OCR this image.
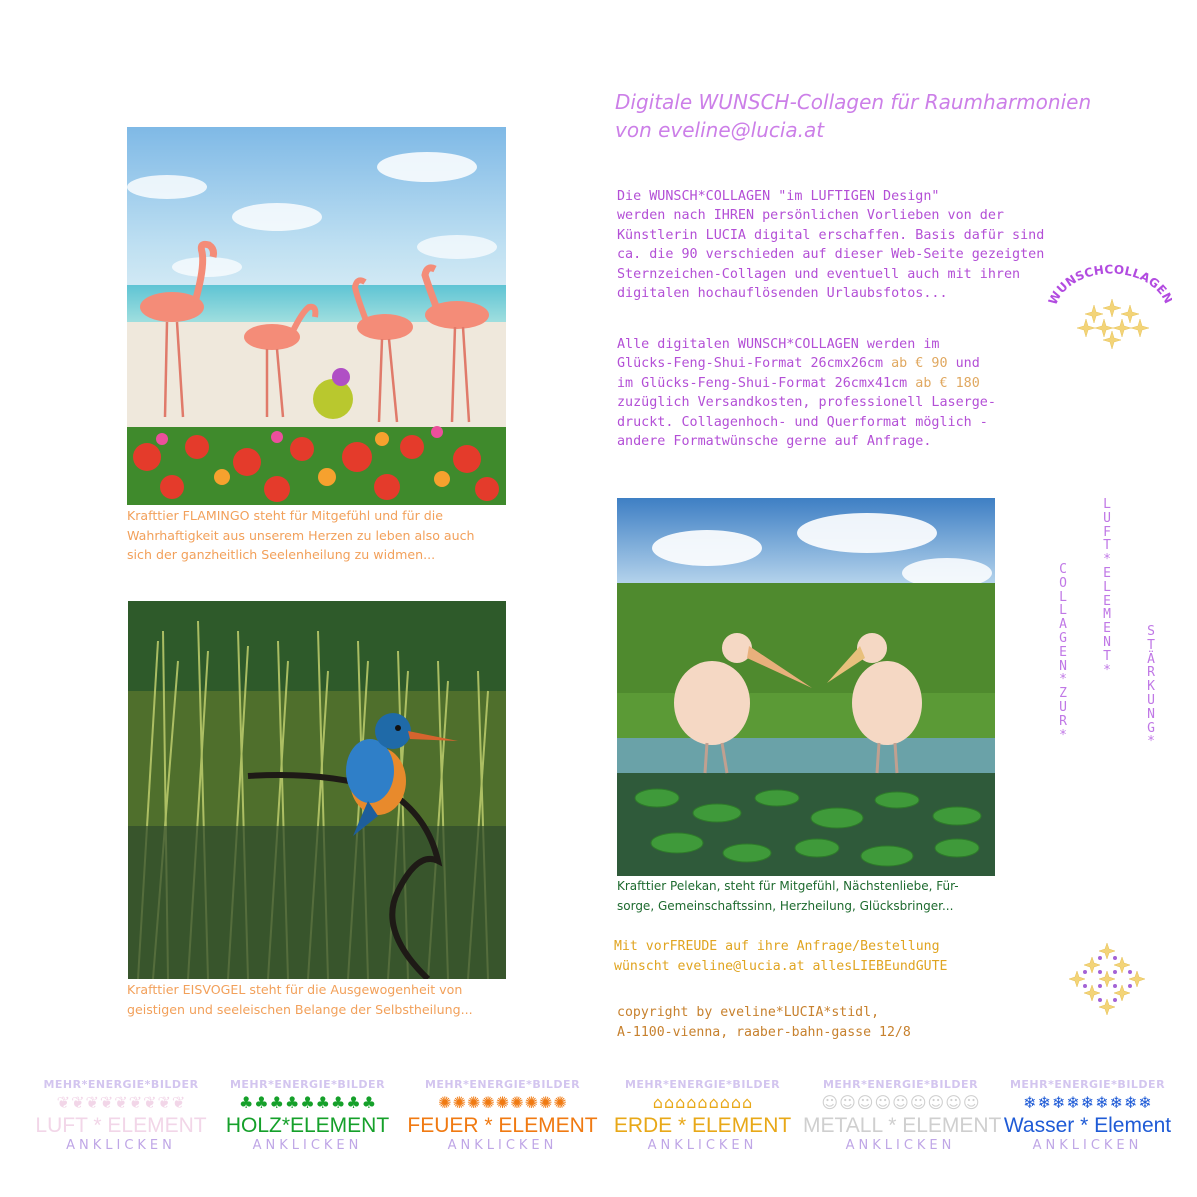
Digitale WUNSCH-Collagen für Raumharmonien
von eveline@lucia.at
Die WUNSCH*COLLAGEN "im LUFTIGEN Design"
werden nach IHREN persönlichen Vorlieben von der
Künstlerin LUCIA digital erschaffen. Basis dafür sind
ca. die 90 verschieden auf dieser Web-Seite gezeigten
Sternzeichen-Collagen und eventuell auch mit ihren
digitalen hochauflösenden Urlaubsfotos...
Alle digitalen WUNSCH*COLLAGEN werden im
Glücks-Feng-Shui-Format 26cmx26cm ab € 90 und
im Glücks-Feng-Shui-Format 26cmx41cm ab € 180
zuzüglich Versandkosten, professionell Laserge-
druckt. Collagenhoch- und Querformat möglich -
andere Formatwünsche gerne auf Anfrage.
UNSCHCOLLAGE
Krafttier FLAMINGO steht für Mitgefühl und für die
Wahrhaftigkeit aus unserem Herzen zu leben also auch
sich der ganzheitlich Seelenheilung zu widmen...
Krafttier EISVOGEL steht für die Ausgewogenheit von
geistigen und seeleischen Belange der Selbstheilung...
Krafttier Pelekan, steht für Mitgefühl, Nächstenliebe, Für-
sorge, Gemeinschaftssinn, Herzheilung, Glücksbringer...
C
O
L
L
A
G
E
N
*
Z
U
R
*
L
U
F
T
*
E
L
E
M
E
N
T
*
S
T
Ä
R
K
U
N
G
*
Mit vorFREUDE auf ihre Anfrage/Bestellung
wünscht eveline@lucia.at allesLIEBEundGUTE
copyright by eveline*LUCIA*stidl,
A-1100-vienna, raaber-bahn-gasse 12/8
MEHR*ENERGIE*BILDER
❦ ❦ ❦ ❦ ❦ ❦ ❦ ❦ ❦
LUFT * ELEMENT
ANKLICKEN
MEHR*ENERGIE*BILDER
♣ ♣ ♣ ♣ ♣ ♣ ♣ ♣ ♣
HOLZ*ELEMENT
ANKLICKEN
MEHR*ENERGIE*BILDER
✺ ✺ ✺ ✺ ✺ ✺ ✺ ✺ ✺
FEUER * ELEMENT
ANKLICKEN
MEHR*ENERGIE*BILDER
⌂ ⌂ ⌂ ⌂ ⌂ ⌂ ⌂ ⌂ ⌂
ERDE * ELEMENT
ANKLICKEN
MEHR*ENERGIE*BILDER
☺ ☺ ☺ ☺ ☺ ☺ ☺ ☺ ☺
METALL * ELEMENT
ANKLICKEN
MEHR*ENERGIE*BILDER
❄ ❄ ❄ ❄ ❄ ❄ ❄ ❄ ❄
Wasser * Element
ANKLICKEN
